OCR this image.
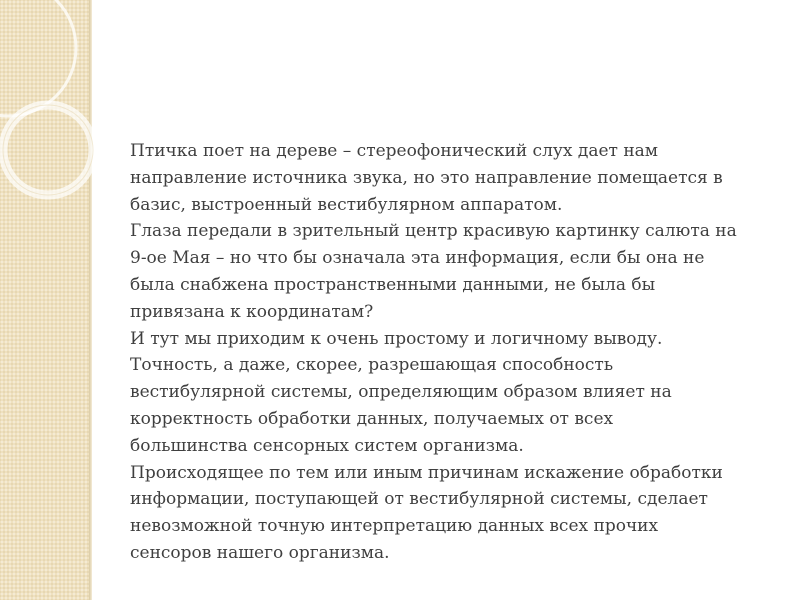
Птичка поет на дереве – стереофонический слух дает нам

направление источника звука, но это направление помещается в

базис, выстроенный вестибулярном аппаратом.

Глаза передали в зрительный центр красивую картинку салюта на

9-ое Мая – но что бы означала эта информация, если бы она не

была снабжена пространственными данными, не была бы

привязана к координатам?

И тут мы приходим к очень простому и логичному выводу.

Точность, а даже, скорее, разрешающая способность

вестибулярной системы, определяющим образом влияет на

корректность обработки данных, получаемых от всех

большинства сенсорных систем организма.

Происходящее по тем или иным причинам искажение обработки

информации, поступающей от вестибулярной системы, сделает

невозможной точную интерпретацию данных всех прочих

сенсоров нашего организма.
